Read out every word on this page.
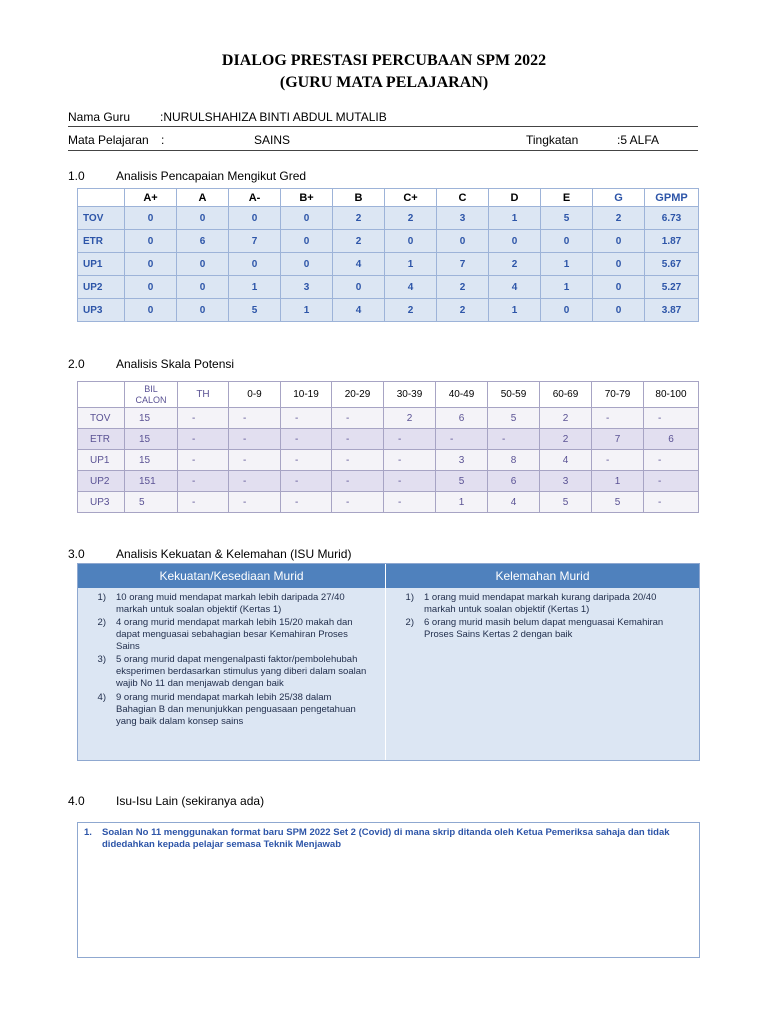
DIALOG PRESTASI PERCUBAAN SPM 2022
(GURU MATA PELAJARAN)
Nama Guru :NURULSHAHIZA BINTI ABDUL MUTALIB
Mata Pelajaran :	SAINS	Tingkatan	:5 ALFA
1.0	Analisis Pencapaian Mengikut Gred
	A+	A	A-	B+	B	C+	C	D	E	G	GPMP
TOV	0	0	0	0	2	2	3	1	5	2	6.73
ETR	0	6	7	0	2	0	0	0	0	0	1.87
UP1	0	0	0	0	4	1	7	2	1	0	5.67
UP2	0	0	1	3	0	4	2	4	1	0	5.27
UP3	0	0	5	1	4	2	2	1	0	0	3.87
2.0	Analisis Skala Potensi

	BIL
CALON	TH	0-9	10-19	20-29	30-39	40-49	50-59	60-69	70-79	80-100
TOV	15	-	-	-	-	2	6	5	2	-	-
ETR	15	-	-	-	-	-	-	-	2	7	6
UP1	15	-	-	-	-	-	3	8	4	-	-
UP2	151	-	-	-	-	-	5	6	3	1	-
UP3	5	-	-	-	-	-	1	4	5	5	-
3.0	Analisis Kekuatan & Kelemahan (ISU Murid)
Kekuatan/Kesediaan Murid	Kelemahan Murid
1) 10 orang muid mendapat markah lebih daripada 27/40 markah untuk soalan objektif (Kertas 1)
2) 4 orang murid mendapat markah lebih 15/20 makah dan dapat menguasai sebahagian besar Kemahiran Proses Sains
3) 5 orang murid dapat mengenalpasti faktor/pembolehubah eksperimen berdasarkan stimulus yang diberi dalam soalan wajib No 11 dan menjawab dengan baik
4) 9 orang murid mendapat markah lebih 25/38 dalam Bahagian B dan menunjukkan penguasaan pengetahuan yang baik dalam konsep sains
1) 1 orang muid mendapat markah kurang daripada 20/40 markah untuk soalan objektif (Kertas 1)
2) 6 orang murid masih belum dapat menguasai Kemahiran Proses Sains Kertas 2 dengan baik
4.0	Isu-Isu Lain (sekiranya ada)
1. Soalan No 11 menggunakan format baru SPM 2022 Set 2 (Covid) di mana skrip ditanda oleh Ketua Pemeriksa sahaja dan tidak didedahkan kepada pelajar semasa Teknik Menjawab
